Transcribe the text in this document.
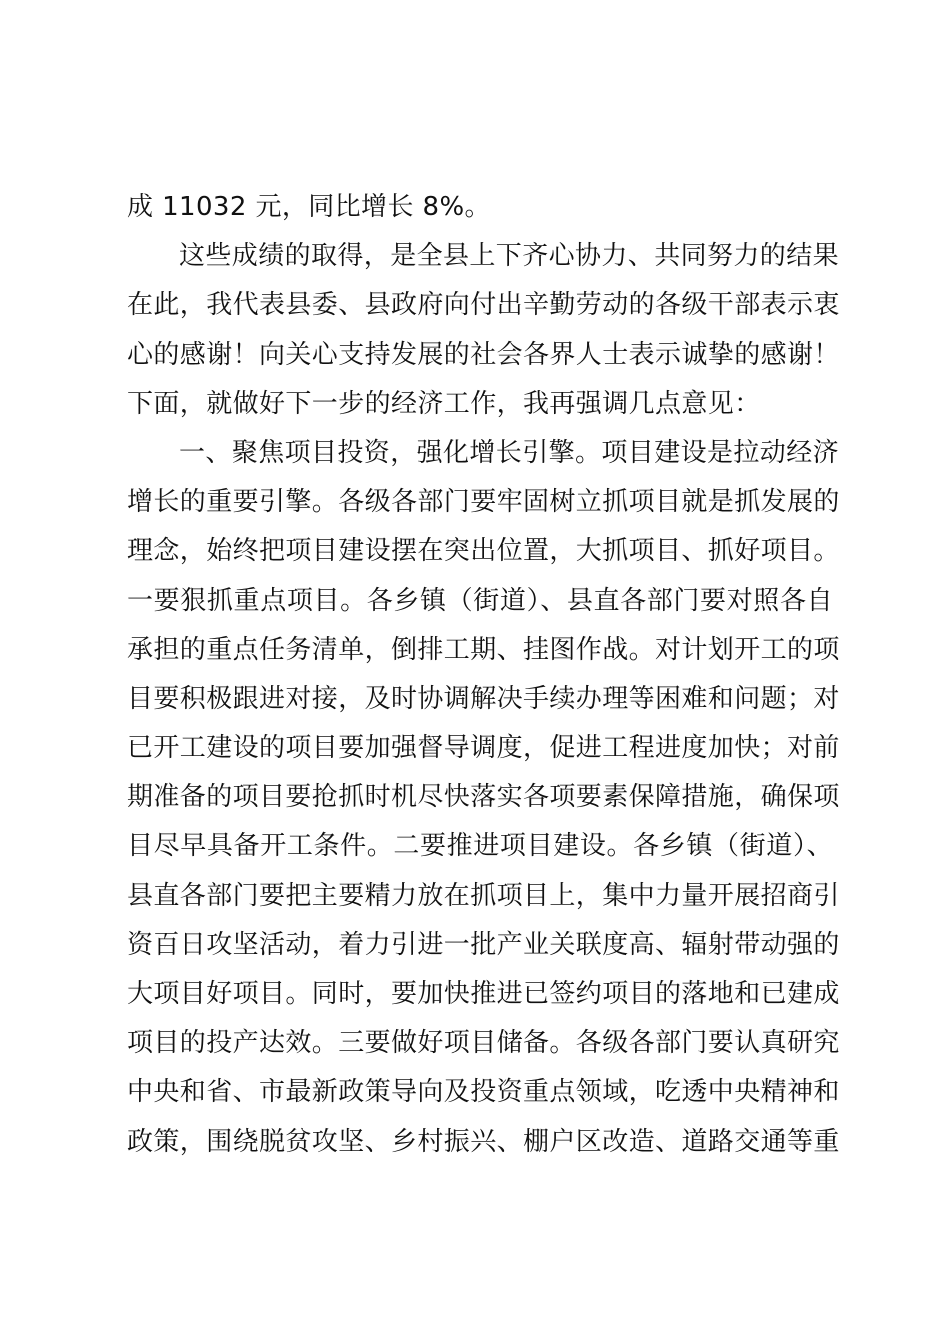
成 11032 元，同比增长 8%。
这些成绩的取得，是全县上下齐心协力、共同努力的结果
在此，我代表县委、县政府向付出辛勤劳动的各级干部表示衷
心的感谢！向关心支持发展的社会各界人士表示诚挚的感谢！
下面，就做好下一步的经济工作，我再强调几点意见：
一、聚焦项目投资，强化增长引擎。项目建设是拉动经济
增长的重要引擎。各级各部门要牢固树立抓项目就是抓发展的
理念，始终把项目建设摆在突出位置，大抓项目、抓好项目。
一要狠抓重点项目。各乡镇（街道）、县直各部门要对照各自
承担的重点任务清单，倒排工期、挂图作战。对计划开工的项
目要积极跟进对接，及时协调解决手续办理等困难和问题；对
已开工建设的项目要加强督导调度，促进工程进度加快；对前
期准备的项目要抢抓时机尽快落实各项要素保障措施，确保项
目尽早具备开工条件。二要推进项目建设。各乡镇（街道）、
县直各部门要把主要精力放在抓项目上，集中力量开展招商引
资百日攻坚活动，着力引进一批产业关联度高、辐射带动强的
大项目好项目。同时，要加快推进已签约项目的落地和已建成
项目的投产达效。三要做好项目储备。各级各部门要认真研究
中央和省、市最新政策导向及投资重点领域，吃透中央精神和
政策，围绕脱贫攻坚、乡村振兴、棚户区改造、道路交通等重
